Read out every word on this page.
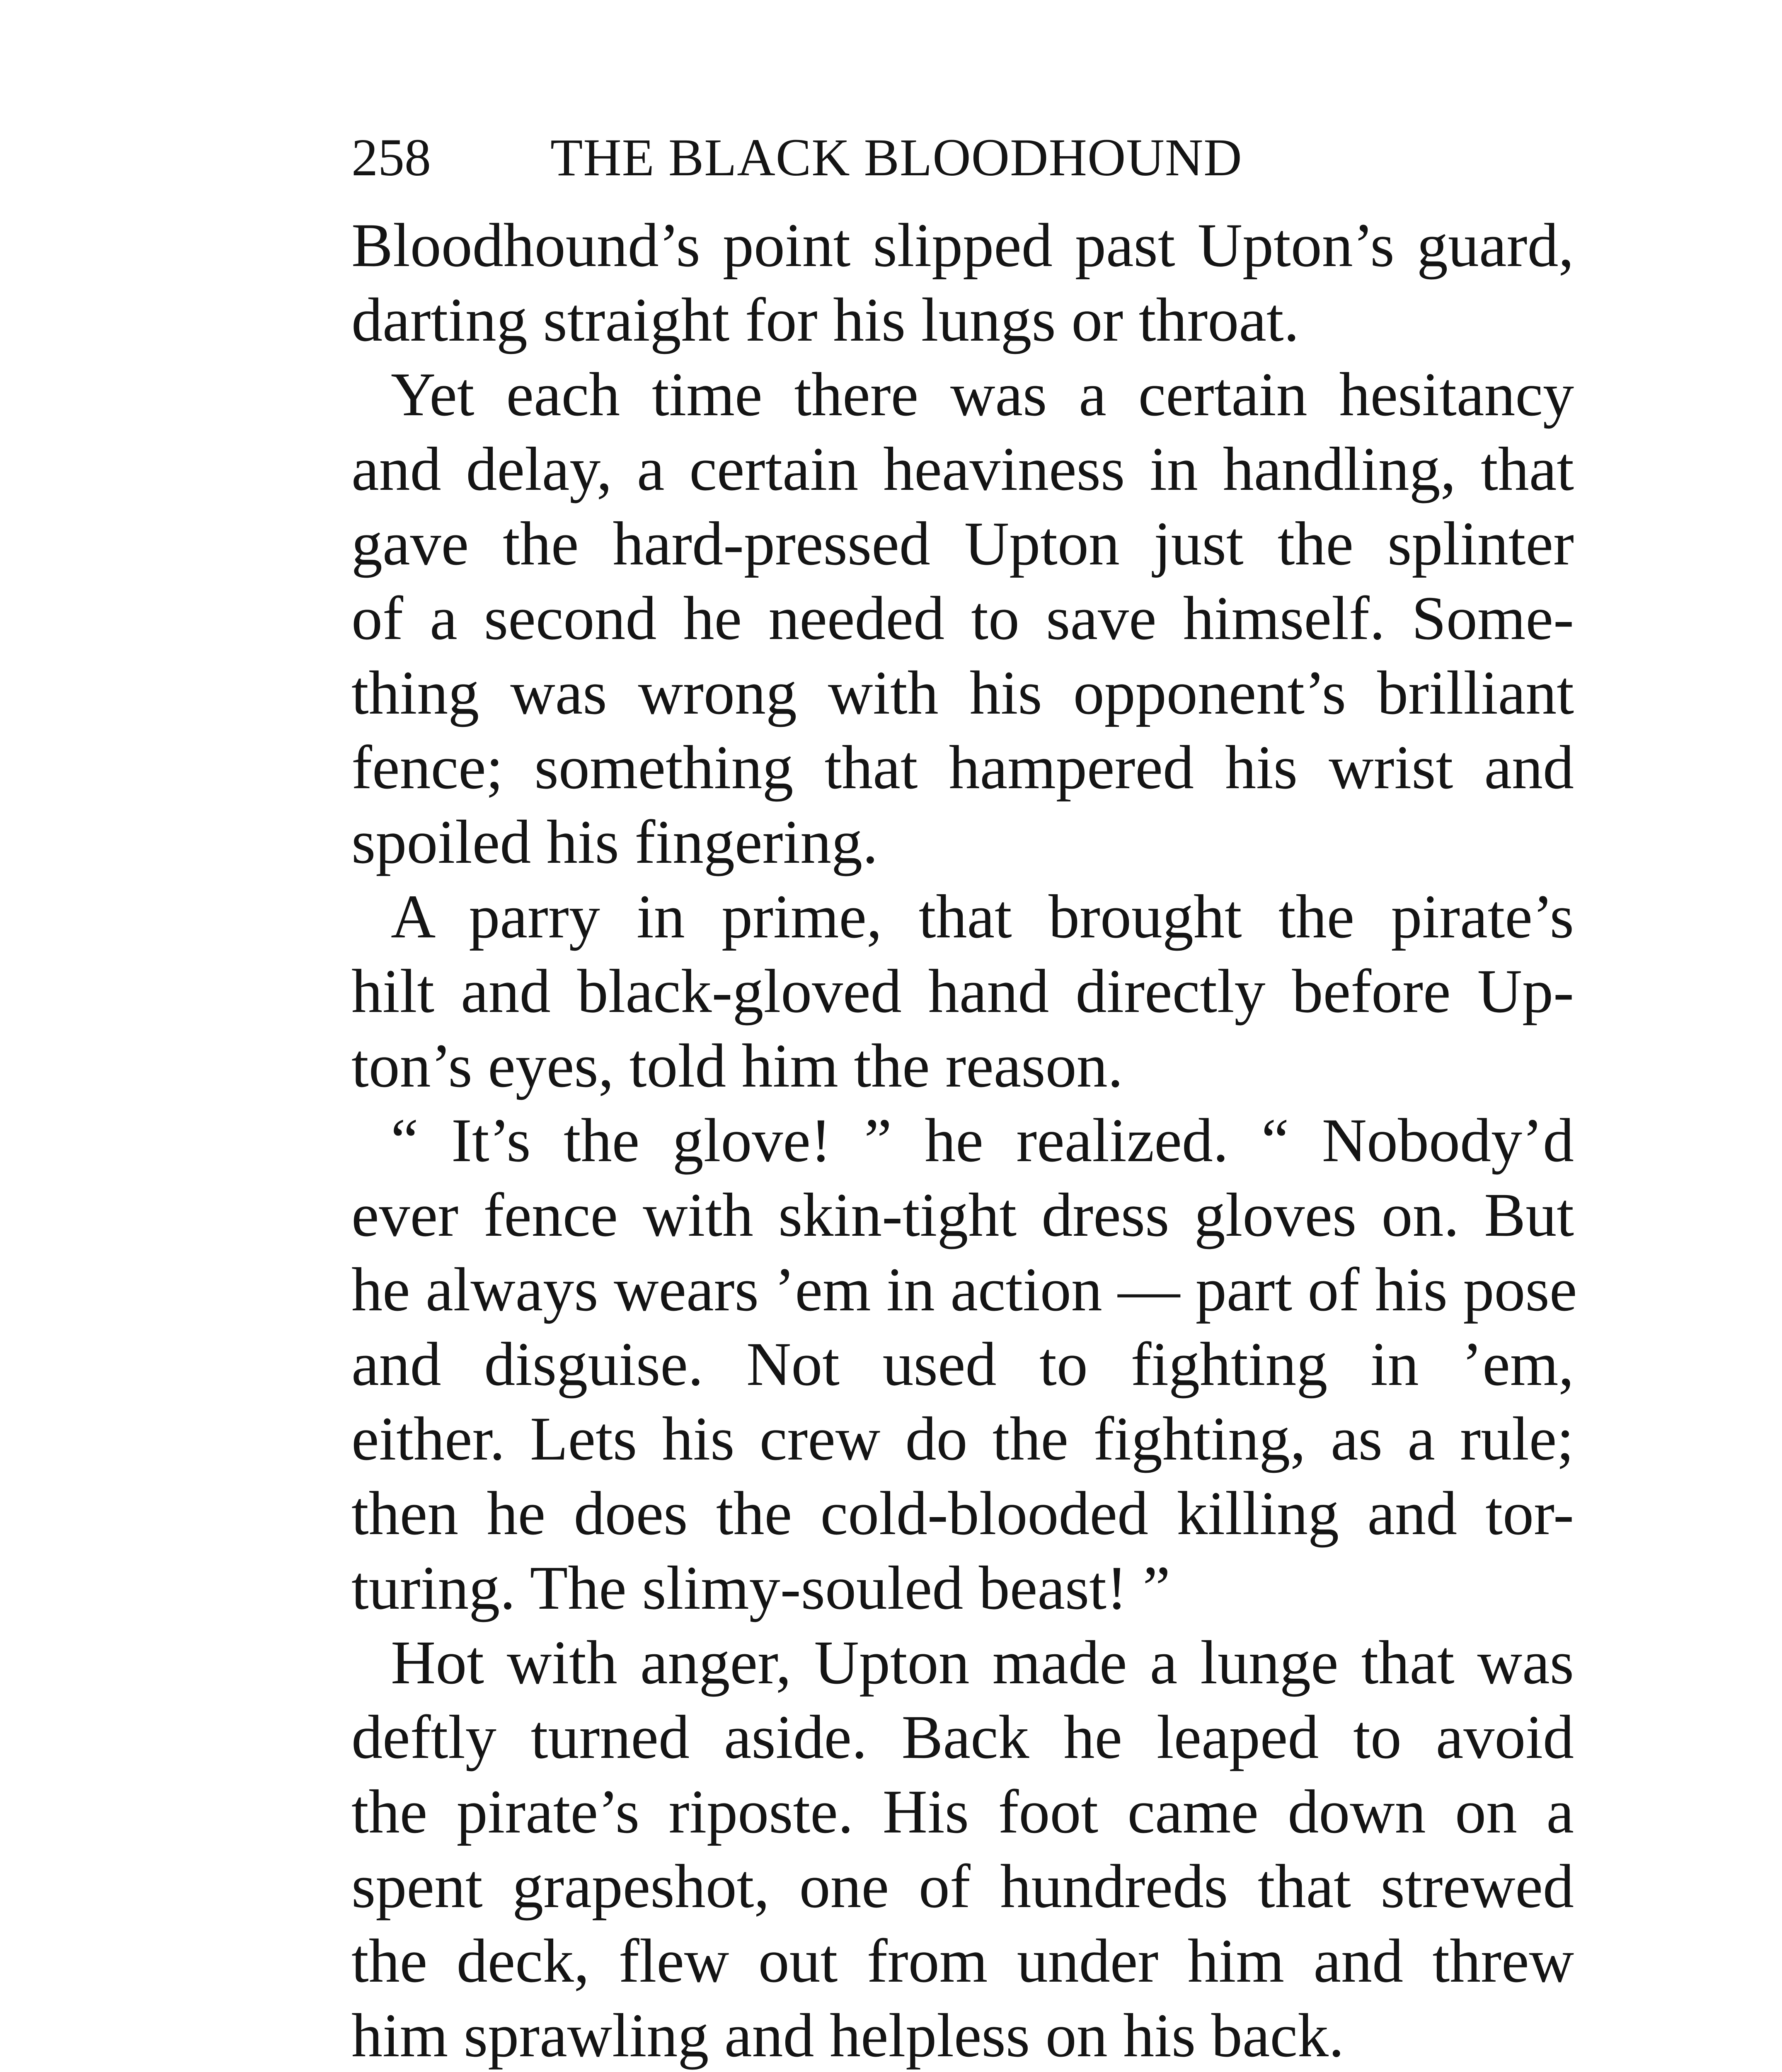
258 THE BLACK BLOODHOUND
Bloodhound’s point slipped past Upton’s guard,
darting straight for his lungs or throat.
Yet each time there was a certain hesitancy
and delay, a certain heaviness in handling, that
gave the hard-pressed Upton just the splinter
of a second he needed to save himself. Some-
thing was wrong with his opponent’s brilliant
fence; something that hampered his wrist and
spoiled his fingering.
A parry in prime, that brought the pirate’s
hilt and black-gloved hand directly before Up-
ton’s eyes, told him the reason.
“ It’s the glove! ” he realized. “ Nobody’d
ever fence with skin-tight dress gloves on. But
he always wears ’em in action — part of his pose
and disguise. Not used to fighting in ’em,
either. Lets his crew do the fighting, as a rule;
then he does the cold-blooded killing and tor-
turing. The slimy-souled beast! ”
Hot with anger, Upton made a lunge that was
deftly turned aside. Back he leaped to avoid
the pirate’s riposte. His foot came down on a
spent grapeshot, one of hundreds that strewed
the deck, flew out from under him and threw
him sprawling and helpless on his back.
